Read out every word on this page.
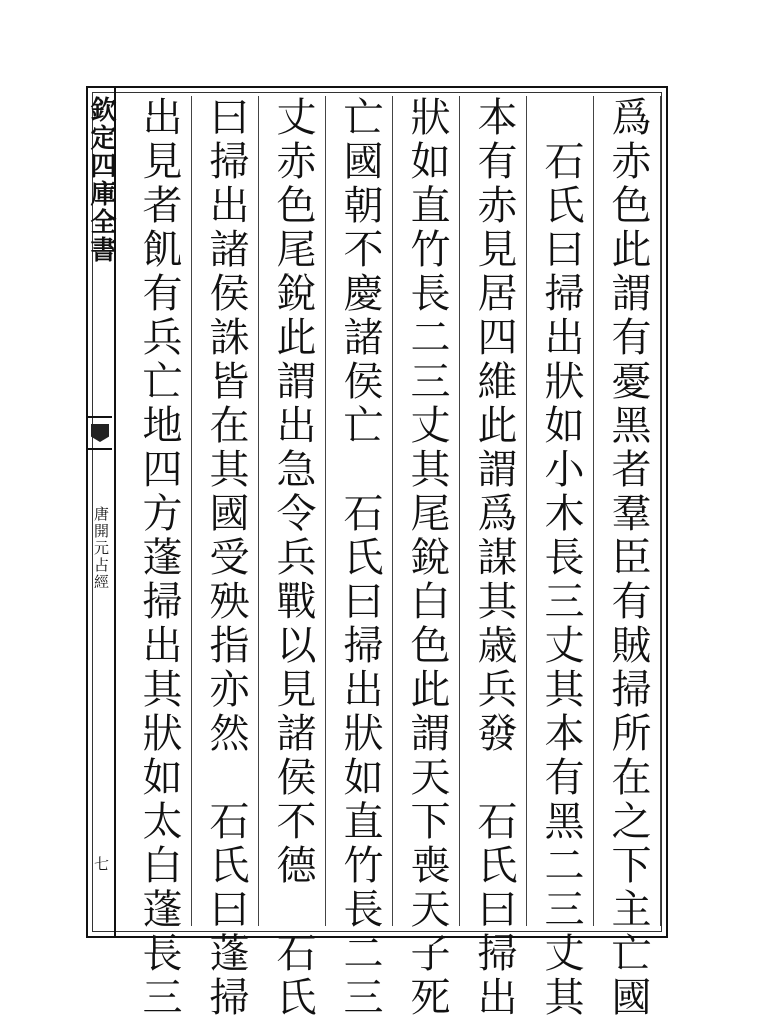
欽定四庫全書
唐開元占經
七	爲赤色此謂有憂黑者羣臣有賊掃所在之下主亡國
　石氏曰掃出狀如小木長三丈其本有黑二三丈其
本有赤見居四維此謂爲謀其歳兵發　石氏曰掃出
狀如直竹長二三丈其尾銳白色此謂天下喪天子死
亡國朝不慶諸侯亡　石氏曰掃出狀如直竹長二三
丈赤色尾銳此謂出急令兵戰以見諸侯不德　石氏
曰掃出諸侯誅皆在其國受殃指亦然　石氏曰蓬掃
出見者飢有兵亡地四方蓬掃出其狀如太白蓬長三
